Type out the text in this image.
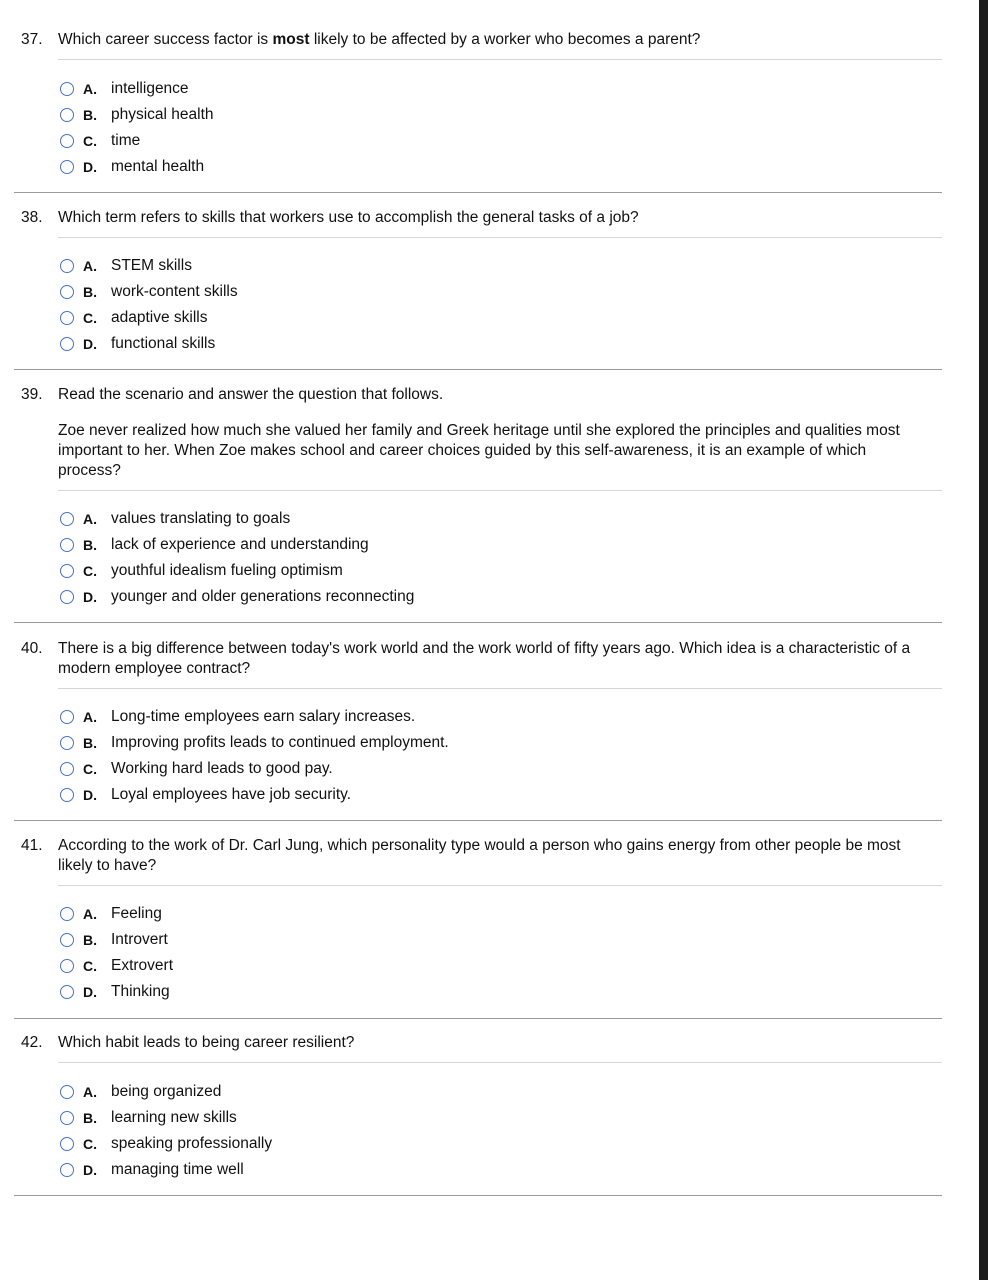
37. Which career success factor is most likely to be affected by a worker who becomes a parent?
A. intelligence
B. physical health
C. time
D. mental health
38. Which term refers to skills that workers use to accomplish the general tasks of a job?
A. STEM skills
B. work-content skills
C. adaptive skills
D. functional skills
39. Read the scenario and answer the question that follows.
Zoe never realized how much she valued her family and Greek heritage until she explored the principles and qualities most important to her. When Zoe makes school and career choices guided by this self-awareness, it is an example of which process?
A. values translating to goals
B. lack of experience and understanding
C. youthful idealism fueling optimism
D. younger and older generations reconnecting
40. There is a big difference between today's work world and the work world of fifty years ago. Which idea is a characteristic of a modern employee contract?
A. Long-time employees earn salary increases.
B. Improving profits leads to continued employment.
C. Working hard leads to good pay.
D. Loyal employees have job security.
41. According to the work of Dr. Carl Jung, which personality type would a person who gains energy from other people be most likely to have?
A. Feeling
B. Introvert
C. Extrovert
D. Thinking
42. Which habit leads to being career resilient?
A. being organized
B. learning new skills
C. speaking professionally
D. managing time well
